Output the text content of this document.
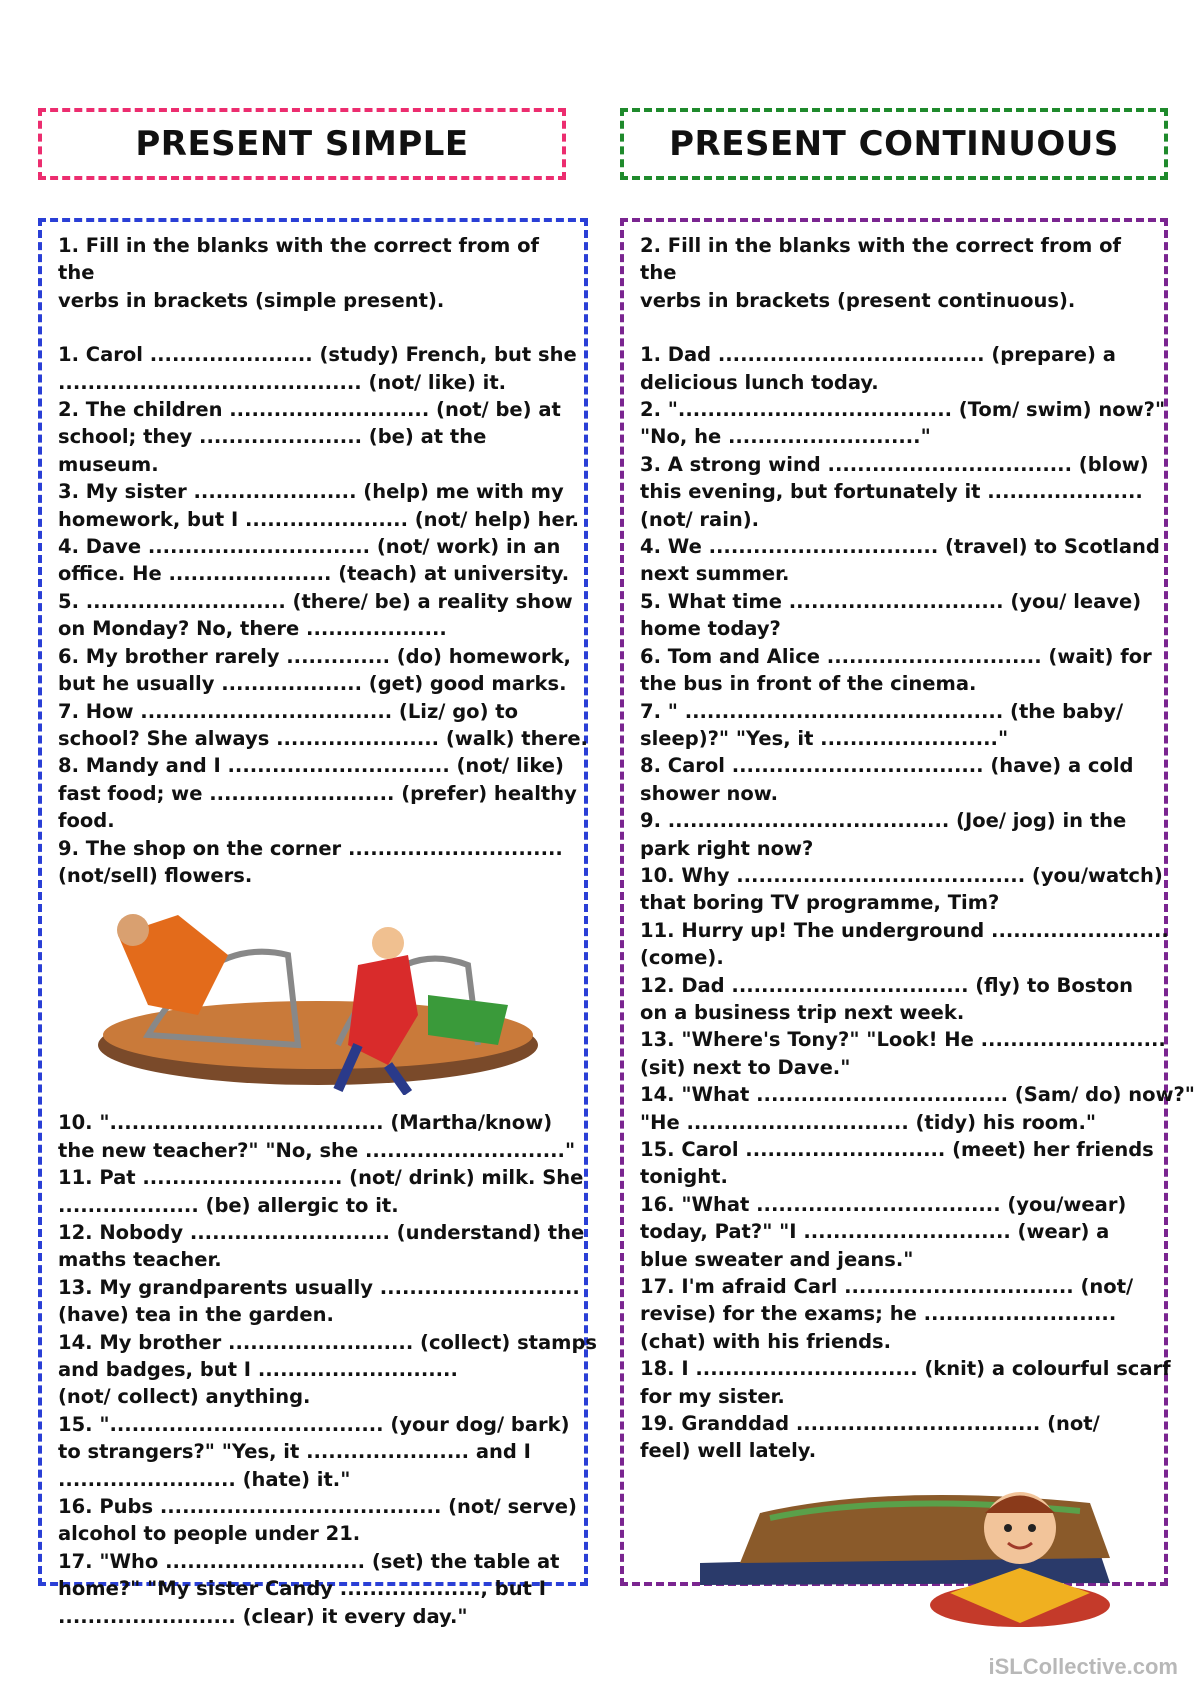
PRESENT SIMPLE	PRESENT CONTINUOUS
1. Fill in the blanks with the correct from of the
verbs in brackets (simple present).
1. Carol ...................... (study) French, but she
......................................... (not/ like) it.
2. The children ........................... (not/ be) at
school; they ...................... (be) at the
museum.
3. My sister ...................... (help) me with my
homework, but I ...................... (not/ help) her.
4. Dave .............................. (not/ work) in an
office. He ...................... (teach) at university.
5. ........................... (there/ be) a reality show
on Monday? No, there ...................
6. My brother rarely .............. (do) homework,
but he usually ................... (get) good marks.
7. How .................................. (Liz/ go) to
school? She always ...................... (walk) there.
8. Mandy and I .............................. (not/ like)
fast food; we ......................... (prefer) healthy
food.
9. The shop on the corner .............................
(not/sell) flowers.
10. "..................................... (Martha/know)
the new teacher?" "No, she ..........................."
11. Pat ........................... (not/ drink) milk. She
................... (be) allergic to it.
12. Nobody ........................... (understand) the
maths teacher.
13. My grandparents usually ...........................
(have) tea in the garden.
14. My brother ......................... (collect) stamps
and badges, but I ...........................
(not/ collect) anything.
15. "..................................... (your dog/ bark)
to strangers?" "Yes, it ...................... and I
........................ (hate) it."
16. Pubs ...................................... (not/ serve)
alcohol to people under 21.
17. "Who ........................... (set) the table at
home?" "My sister Candy ..................., but I
........................ (clear) it every day."
2. Fill in the blanks with the correct from of the
verbs in brackets (present continuous).
1. Dad .................................... (prepare) a
delicious lunch today.
2. "..................................... (Tom/ swim) now?"
"No, he .........................."
3. A strong wind ................................. (blow)
this evening, but fortunately it .....................
(not/ rain).
4. We ............................... (travel) to Scotland
next summer.
5. What time ............................. (you/ leave)
home today?
6. Tom and Alice ............................. (wait) for
the bus in front of the cinema.
7. " ........................................... (the baby/
sleep)?" "Yes, it ........................"
8. Carol .................................. (have) a cold
shower now.
9. ...................................... (Joe/ jog) in the
park right now?
10. Why ....................................... (you/watch)
that boring TV programme, Tim?
11. Hurry up! The underground ........................
(come).
12. Dad ................................ (fly) to Boston
on a business trip next week.
13. "Where's Tony?" "Look! He .........................
(sit) next to Dave."
14. "What .................................. (Sam/ do) now?"
"He .............................. (tidy) his room."
15. Carol ........................... (meet) her friends
tonight.
16. "What ................................. (you/wear)
today, Pat?" "I ............................ (wear) a
blue sweater and jeans."
17. I'm afraid Carl ............................... (not/
revise) for the exams; he ..........................
(chat) with his friends.
18. I .............................. (knit) a colourful scarf
for my sister.
19. Granddad ................................. (not/
feel) well lately.
iSLCollective.com
